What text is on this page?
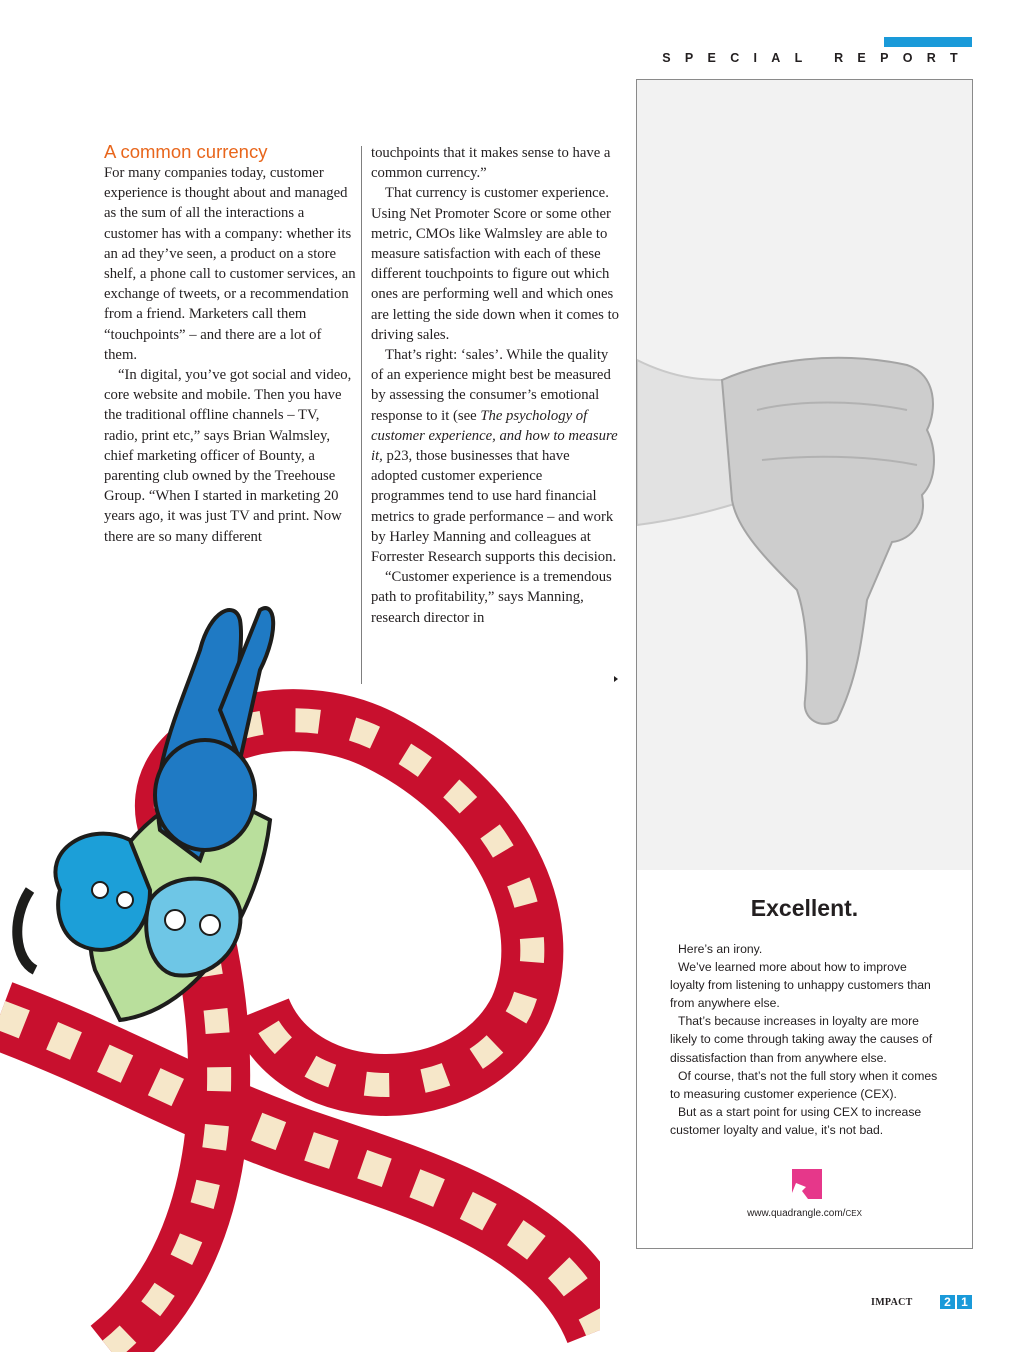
SPECIAL REPORT
A common currency

For many companies today, customer experience is thought about and managed as the sum of all the interactions a customer has with a company: whether its an ad they’ve seen, a product on a store shelf, a phone call to customer services, an exchange of tweets, or a recommendation from a friend. Marketers call them “touchpoints” – and there are a lot of them.

“In digital, you’ve got social and video, core website and mobile. Then you have the traditional offline channels – TV, radio, print etc,” says Brian Walmsley, chief marketing officer of Bounty, a parenting club owned by the Treehouse Group. “When I started in marketing 20 years ago, it was just TV and print. Now there are so many different

touchpoints that it makes sense to have a common currency.”

That currency is customer experience. Using Net Promoter Score or some other metric, CMOs like Walmsley are able to measure satisfaction with each of these different touchpoints to figure out which ones are performing well and which ones are letting the side down when it comes to driving sales.

That’s right: ‘sales’. While the quality of an experience might best be measured by assessing the consumer’s emotional response to it (see The psychology of customer experience, and how to measure it, p23, those businesses that have adopted customer experience programmes tend to use hard financial metrics to grade performance – and work by Harley Manning and colleagues at Forrester Research supports this decision.

“Customer experience is a tremendous path to profitability,” says Manning, research director in

Excellent.

Here’s an irony.

We’ve learned more about how to improve loyalty from listening to unhappy customers than from anywhere else.

That’s because increases in loyalty are more likely to come through taking away the causes of dissatisfaction than from anywhere else.

Of course, that’s not the full story when it comes to measuring customer experience (CEX).

But as a start point for using CEX to increase customer loyalty and value, it’s not bad.

www.quadrangle.com/CEX
IMPACT	2 1
